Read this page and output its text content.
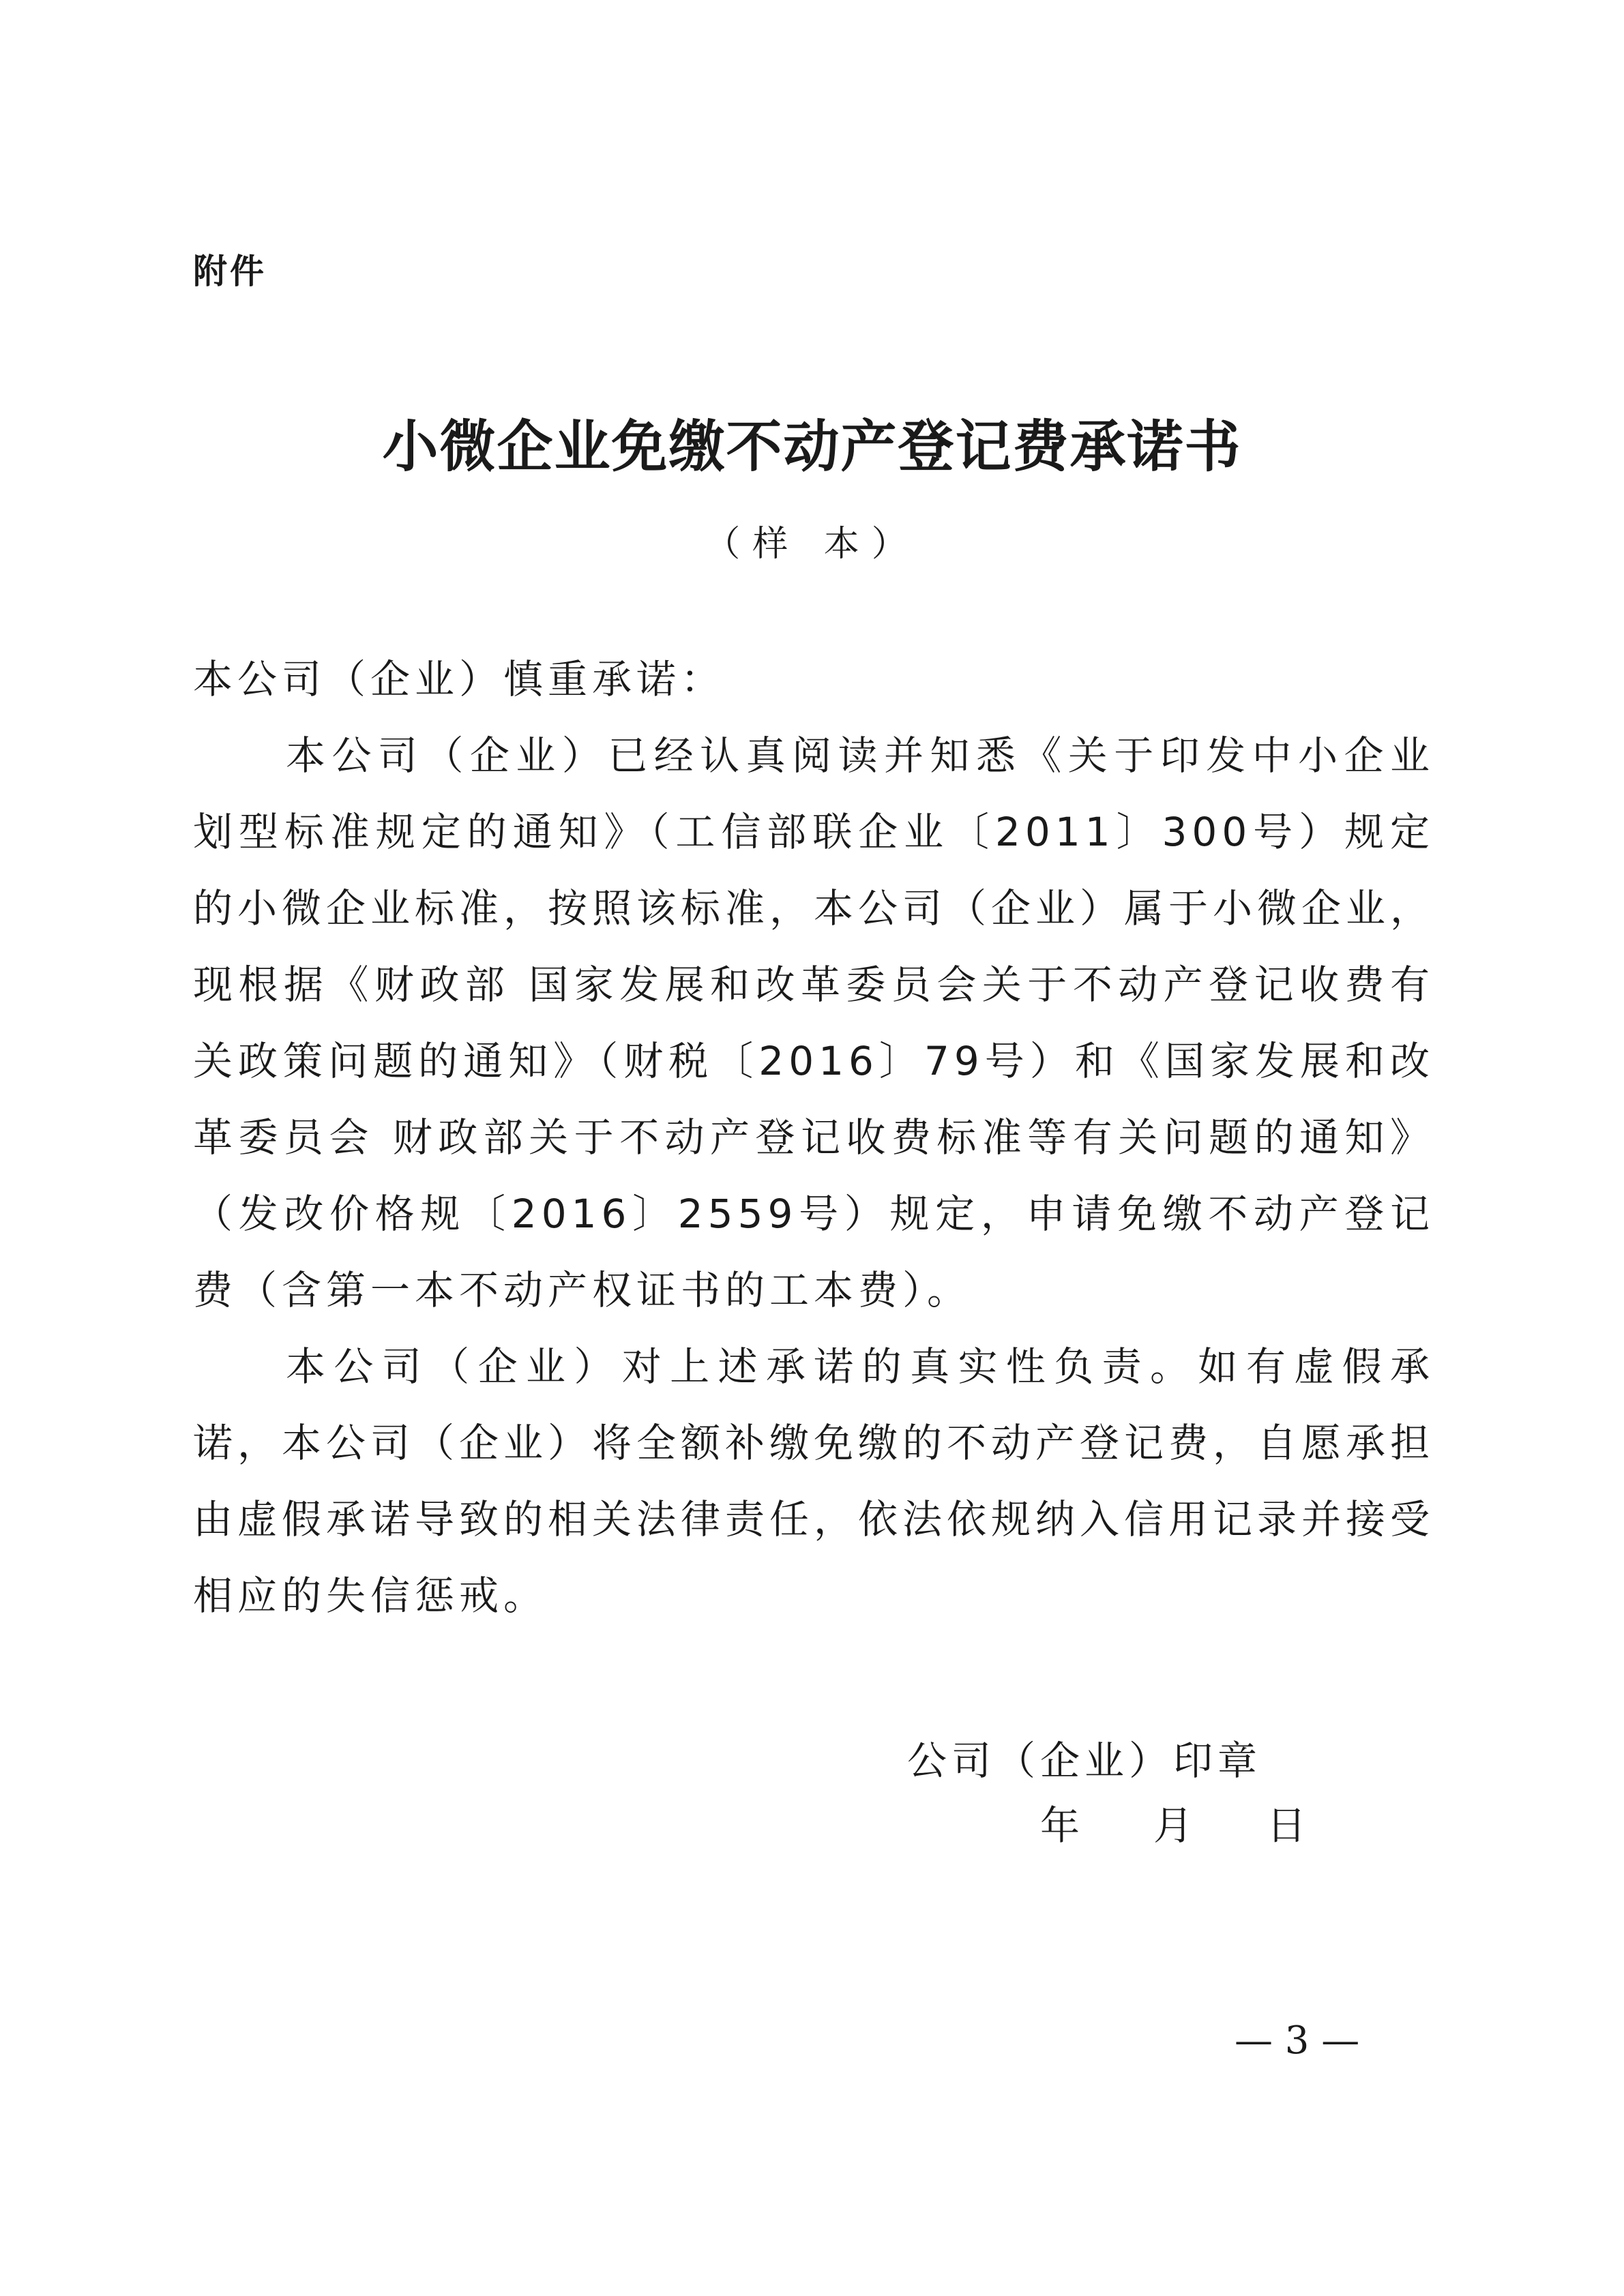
附件
小微企业免缴不动产登记费承诺书
（样 本）

本公司（企业）慎重承诺：

本公司（企业）已经认真阅读并知悉《关于印发中小企业划型标准规定的通知》（工信部联企业〔2011〕300号）规定的小微企业标准，按照该标准，本公司（企业）属于小微企业，现根据《财政部 国家发展和改革委员会关于不动产登记收费有关政策问题的通知》（财税〔2016〕79号）和《国家发展和改革委员会 财政部关于不动产登记收费标准等有关问题的通知》（发改价格规〔2016〕2559号）规定，申请免缴不动产登记费（含第一本不动产权证书的工本费）。

本公司（企业）对上述承诺的真实性负责。如有虚假承诺，本公司（企业）将全额补缴免缴的不动产登记费，自愿承担由虚假承诺导致的相关法律责任，依法依规纳入信用记录并接受相应的失信惩戒。

公司（企业）印章
年 月 日
— 3 —
